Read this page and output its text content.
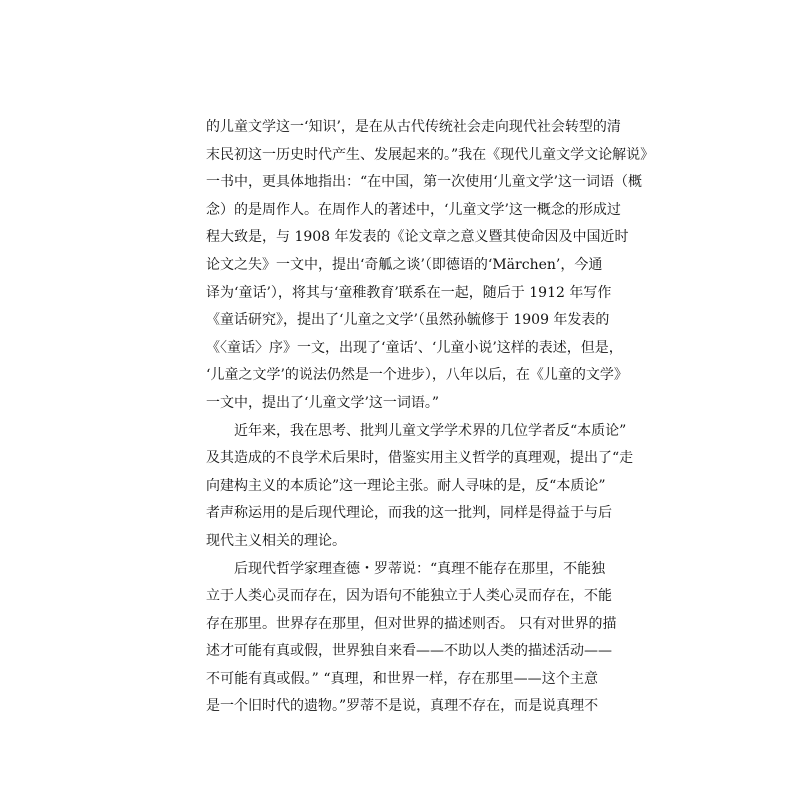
的儿童文学这一‘知识’，是在从古代传统社会走向现代社会转型的清
末民初这一历史时代产生、发展起来的。”我在《现代儿童文学文论解说》
一书中，更具体地指出：“在中国，第一次使用‘儿童文学’这一词语（概
念）的是周作人。在周作人的著述中，‘儿童文学’这一概念的形成过
程大致是，与 1908 年发表的《论文章之意义暨其使命因及中国近时
论文之失》一文中，提出‘奇觚之谈’（即德语的‘Märchen’，今通
译为‘童话’），将其与‘童稚教育’联系在一起，随后于 1912 年写作
《童话研究》，提出了‘儿童之文学’（虽然孙毓修于 1909 年发表的
《〈童话〉序》一文，出现了‘童话’、‘儿童小说’这样的表述，但是，
‘儿童之文学’的说法仍然是一个进步），八年以后，在《儿童的文学》
一文中，提出了‘儿童文学’这一词语。”
近年来，我在思考、批判儿童文学学术界的几位学者反“本质论”
及其造成的不良学术后果时，借鉴实用主义哲学的真理观，提出了“走
向建构主义的本质论”这一理论主张。耐人寻味的是，反“本质论”
者声称运用的是后现代理论，而我的这一批判，同样是得益于与后
现代主义相关的理论。
后现代哲学家理查德・罗蒂说：“真理不能存在那里，不能独
立于人类心灵而存在，因为语句不能独立于人类心灵而存在，不能
存在那里。世界存在那里，但对世界的描述则否。 只有对世界的描
述才可能有真或假，世界独自来看——不助以人类的描述活动——
不可能有真或假。” “真理，和世界一样，存在那里——这个主意
是一个旧时代的遗物。”罗蒂不是说，真理不存在，而是说真理不
